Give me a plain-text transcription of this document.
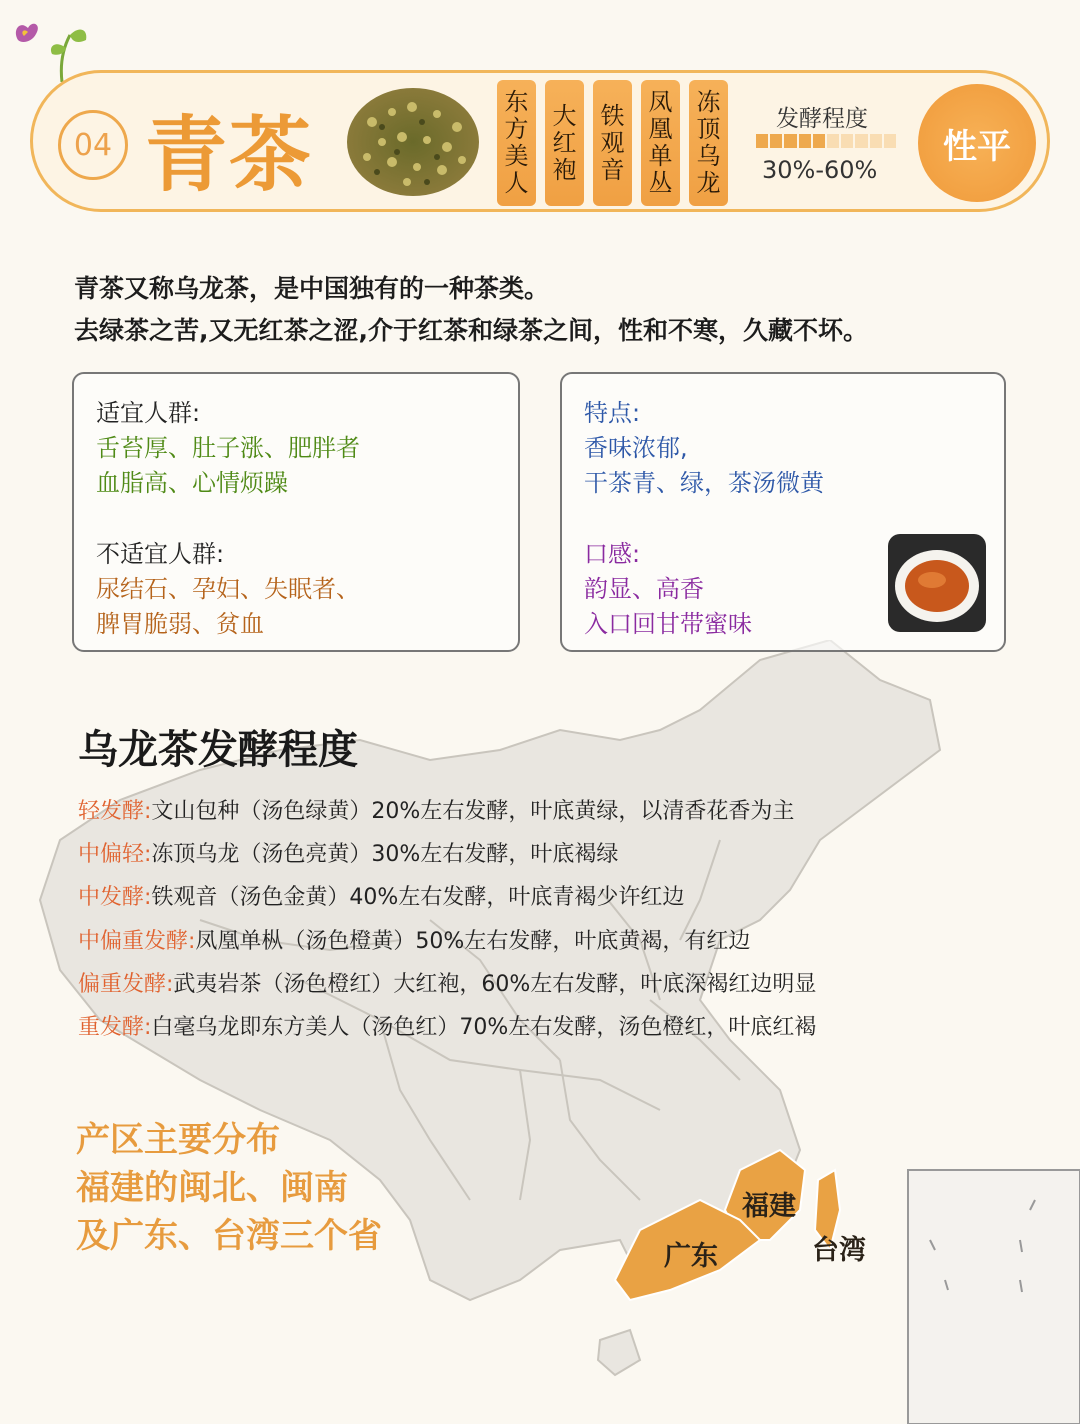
04 青茶
东方美人
大红袍
铁观音
凤凰单丛
冻顶乌龙
发酵程度
30%-60%
性平
青茶又称乌龙茶，是中国独有的一种茶类。
去绿茶之苦,又无红茶之涩,介于红茶和绿茶之间，性和不寒，久藏不坏。
适宜人群:
舌苔厚、肚子涨、肥胖者
血脂高、心情烦躁
不适宜人群:
尿结石、孕妇、失眠者、
脾胃脆弱、贫血
特点:
香味浓郁,
干茶青、绿，茶汤微黄
口感:
韵显、高香
入口回甘带蜜味
乌龙茶发酵程度
轻发酵:文山包种（汤色绿黄）20%左右发酵，叶底黄绿，以清香花香为主
中偏轻:冻顶乌龙（汤色亮黄）30%左右发酵，叶底褐绿
中发酵:铁观音（汤色金黄）40%左右发酵，叶底青褐少许红边
中偏重发酵:凤凰单枞（汤色橙黄）50%左右发酵，叶底黄褐，有红边
偏重发酵:武夷岩茶（汤色橙红）大红袍，60%左右发酵，叶底深褐红边明显
重发酵:白毫乌龙即东方美人（汤色红）70%左右发酵，汤色橙红，叶底红褐
产区主要分布
福建的闽北、闽南
及广东、台湾三个省
福建
广东	台湾
